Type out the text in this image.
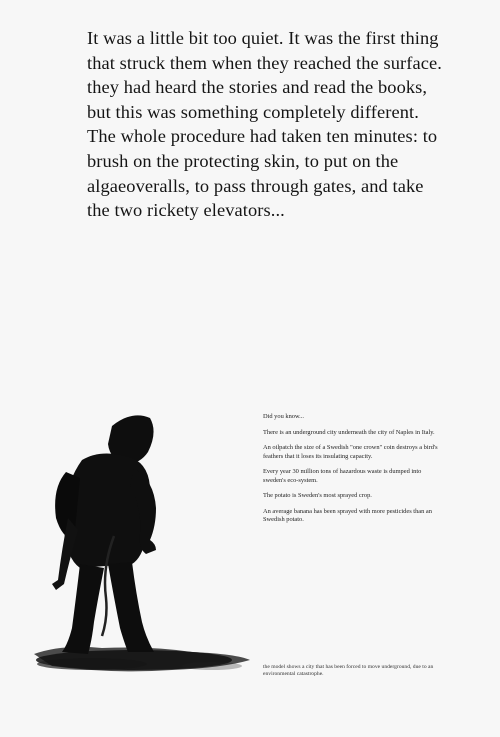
It was a little bit too quiet. It was the first thing that struck them when they reached the surface. they had heard the stories and read the books, but this was something completely different. The whole procedure had taken ten minutes: to brush on the protecting skin, to put on the algaeoveralls, to pass through gates, and take the two rickety elevators...

Did you know...

There is an underground city underneath the city of Naples in Italy.

An oilpatch the size of a Swedish "one crown" coin destroys a bird's feathers that it loses its insulating capacity.

Every year 30 million tons of hazardous waste is dumped into sweden's eco-system.

The potato is Sweden's most sprayed crop.

An average banana has been sprayed with more pesticides than an Swedish potato.

the model shows a city that has been forced to move underground, due to an environmental catastrophe.
